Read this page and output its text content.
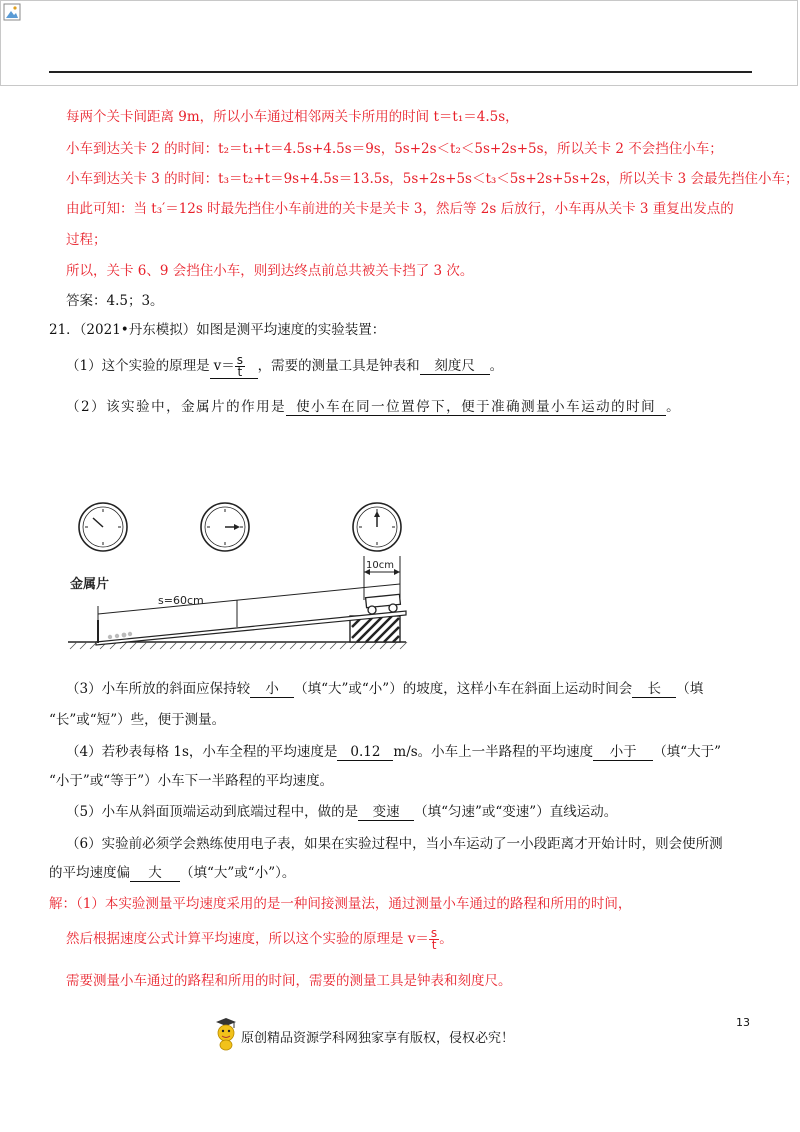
每两个关卡间距离 9m，所以小车通过相邻两关卡所用的时间 t＝t₁＝4.5s，
小车到达关卡 2 的时间：t₂＝t₁+t＝4.5s+4.5s＝9s，5s+2s＜t₂＜5s+2s+5s，所以关卡 2 不会挡住小车；
小车到达关卡 3 的时间：t₃＝t₂+t＝9s+4.5s＝13.5s，5s+2s+5s＜t₃＜5s+2s+5s+2s，所以关卡 3 会最先挡住小车；
由此可知：当 t₃′＝12s 时最先挡住小车前进的关卡是关卡 3，然后等 2s 后放行，小车再从关卡 3 重复出发点的
过程；
所以，关卡 6、9 会挡住小车，则到达终点前总共被关卡挡了 3 次。
答案：4.5；3。
21．（2021•丹东模拟）如图是测平均速度的实验装置：
（1）这个实验的原理是 $v= \frac{s}{t}$ ，需要的测量工具是钟表和 刻度尺 。
（2）该实验中，金属片的作用是 使小车在同一位置停下，便于准确测量小车运动的时间 。
金属片
s=60cm
10cm
（3）小车所放的斜面应保持较 小 （填“大”或“小”）的坡度，这样小车在斜面上运动时间会 长 （填
“长”或“短”）些，便于测量。
（4）若秒表每格 1s，小车全程的平均速度是 0.12 m/s。小车上一半路程的平均速度 小于 （填“大于”
“小于”或“等于”）小车下一半路程的平均速度。
（5）小车从斜面顶端运动到底端过程中，做的是 变速 （填“匀速”或“变速”）直线运动。
（6）实验前必须学会熟练使用电子表，如果在实验过程中，当小车运动了一小段距离才开始计时，则会使所测
的平均速度偏 大 （填“大”或“小”）。
解：（1）本实验测量平均速度采用的是一种间接测量法，通过测量小车通过的路程和所用的时间，
然后根据速度公式计算平均速度，所以这个实验的原理是 $v= \frac{s}{t}$ 。
需要测量小车通过的路程和所用的时间，需要的测量工具是钟表和刻度尺。
原创精品资源学科网独家享有版权，侵权必究！
13
